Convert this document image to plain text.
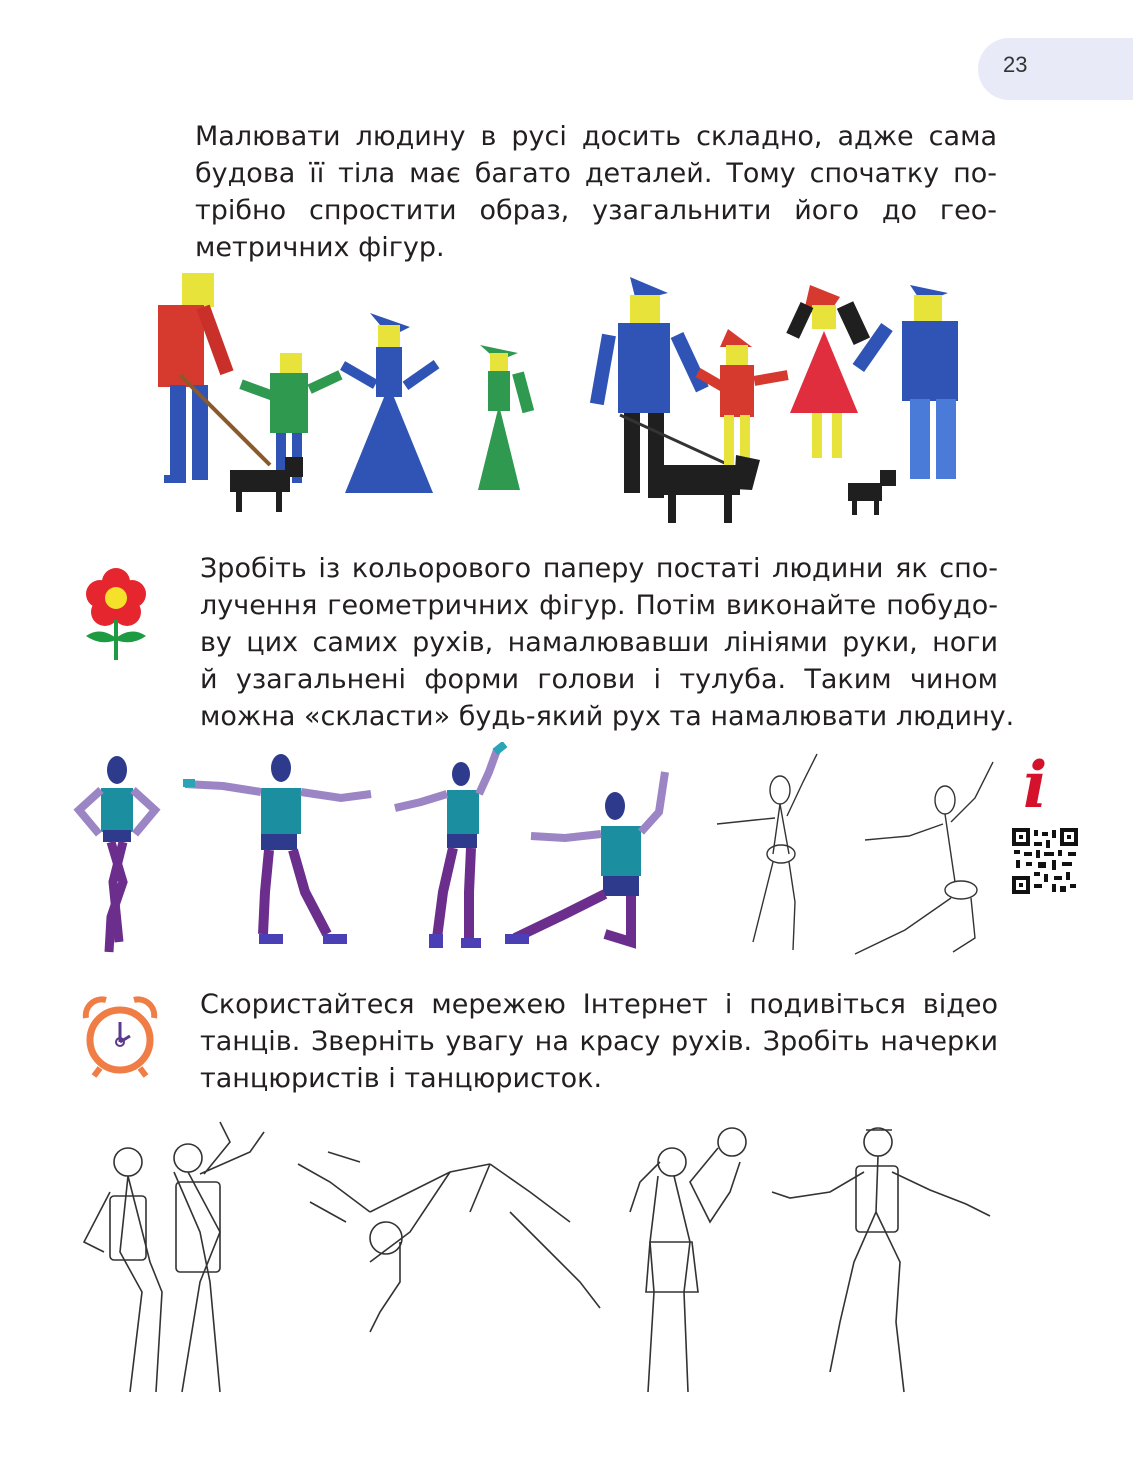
23
Малювати людину в русі досить складно, адже сама
будова її тіла має багато деталей. Тому спочатку по-
трібно спростити образ, узагальнити його до гео-
метричних фігур.
Зробіть із кольорового паперу постаті людини як спо-
лучення геометричних фігур. Потім виконайте побудо-
ву цих самих рухів, намалювавши лініями руки, ноги
й узагальнені форми голови і тулуба. Таким чином
можна «скласти» будь-який рух та намалювати людину.
i
Скористайтеся мережею Інтернет і подивіться відео
танців. Зверніть увагу на красу рухів. Зробіть начерки
танцюристів і танцюристок.
